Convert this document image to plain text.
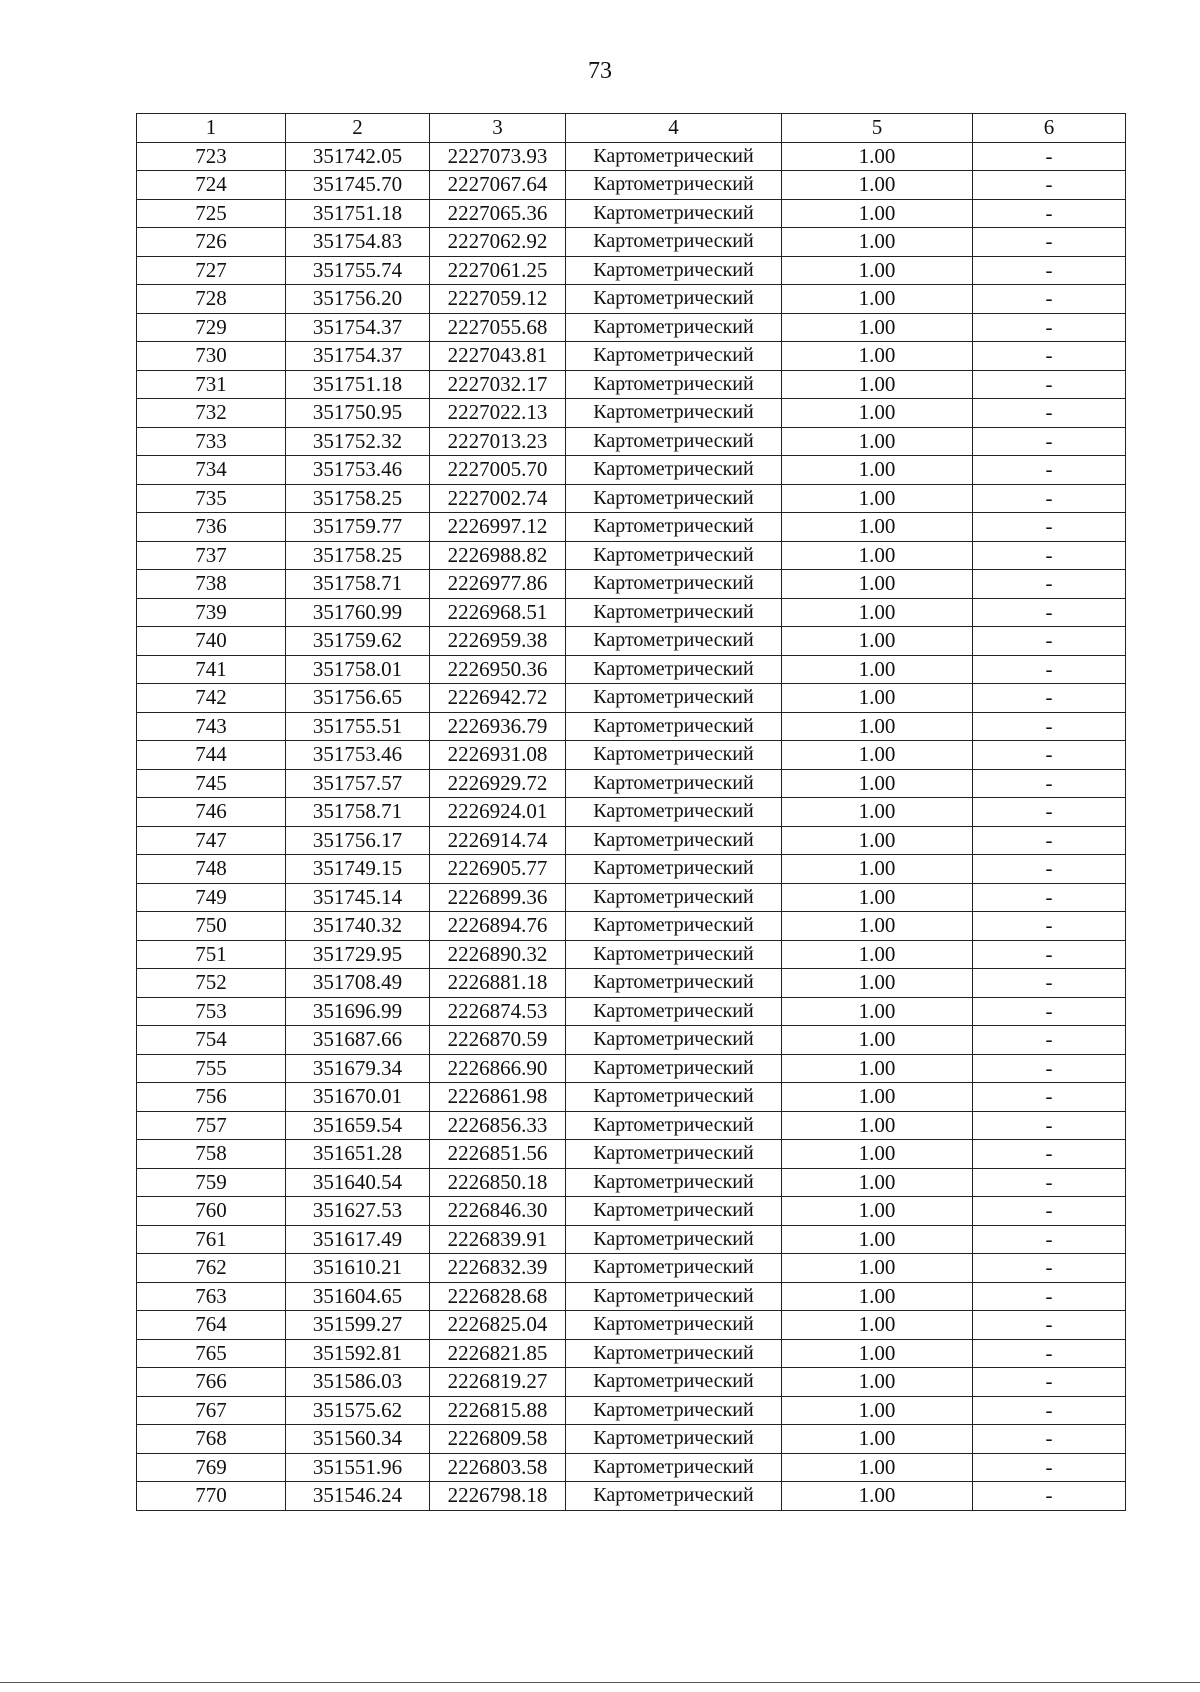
73
1	2	3	4	5	6
723	351742.05	2227073.93	Картометрический	1.00	-
724	351745.70	2227067.64	Картометрический	1.00	-
725	351751.18	2227065.36	Картометрический	1.00	-
726	351754.83	2227062.92	Картометрический	1.00	-
727	351755.74	2227061.25	Картометрический	1.00	-
728	351756.20	2227059.12	Картометрический	1.00	-
729	351754.37	2227055.68	Картометрический	1.00	-
730	351754.37	2227043.81	Картометрический	1.00	-
731	351751.18	2227032.17	Картометрический	1.00	-
732	351750.95	2227022.13	Картометрический	1.00	-
733	351752.32	2227013.23	Картометрический	1.00	-
734	351753.46	2227005.70	Картометрический	1.00	-
735	351758.25	2227002.74	Картометрический	1.00	-
736	351759.77	2226997.12	Картометрический	1.00	-
737	351758.25	2226988.82	Картометрический	1.00	-
738	351758.71	2226977.86	Картометрический	1.00	-
739	351760.99	2226968.51	Картометрический	1.00	-
740	351759.62	2226959.38	Картометрический	1.00	-
741	351758.01	2226950.36	Картометрический	1.00	-
742	351756.65	2226942.72	Картометрический	1.00	-
743	351755.51	2226936.79	Картометрический	1.00	-
744	351753.46	2226931.08	Картометрический	1.00	-
745	351757.57	2226929.72	Картометрический	1.00	-
746	351758.71	2226924.01	Картометрический	1.00	-
747	351756.17	2226914.74	Картометрический	1.00	-
748	351749.15	2226905.77	Картометрический	1.00	-
749	351745.14	2226899.36	Картометрический	1.00	-
750	351740.32	2226894.76	Картометрический	1.00	-
751	351729.95	2226890.32	Картометрический	1.00	-
752	351708.49	2226881.18	Картометрический	1.00	-
753	351696.99	2226874.53	Картометрический	1.00	-
754	351687.66	2226870.59	Картометрический	1.00	-
755	351679.34	2226866.90	Картометрический	1.00	-
756	351670.01	2226861.98	Картометрический	1.00	-
757	351659.54	2226856.33	Картометрический	1.00	-
758	351651.28	2226851.56	Картометрический	1.00	-
759	351640.54	2226850.18	Картометрический	1.00	-
760	351627.53	2226846.30	Картометрический	1.00	-
761	351617.49	2226839.91	Картометрический	1.00	-
762	351610.21	2226832.39	Картометрический	1.00	-
763	351604.65	2226828.68	Картометрический	1.00	-
764	351599.27	2226825.04	Картометрический	1.00	-
765	351592.81	2226821.85	Картометрический	1.00	-
766	351586.03	2226819.27	Картометрический	1.00	-
767	351575.62	2226815.88	Картометрический	1.00	-
768	351560.34	2226809.58	Картометрический	1.00	-
769	351551.96	2226803.58	Картометрический	1.00	-
770	351546.24	2226798.18	Картометрический	1.00	-
